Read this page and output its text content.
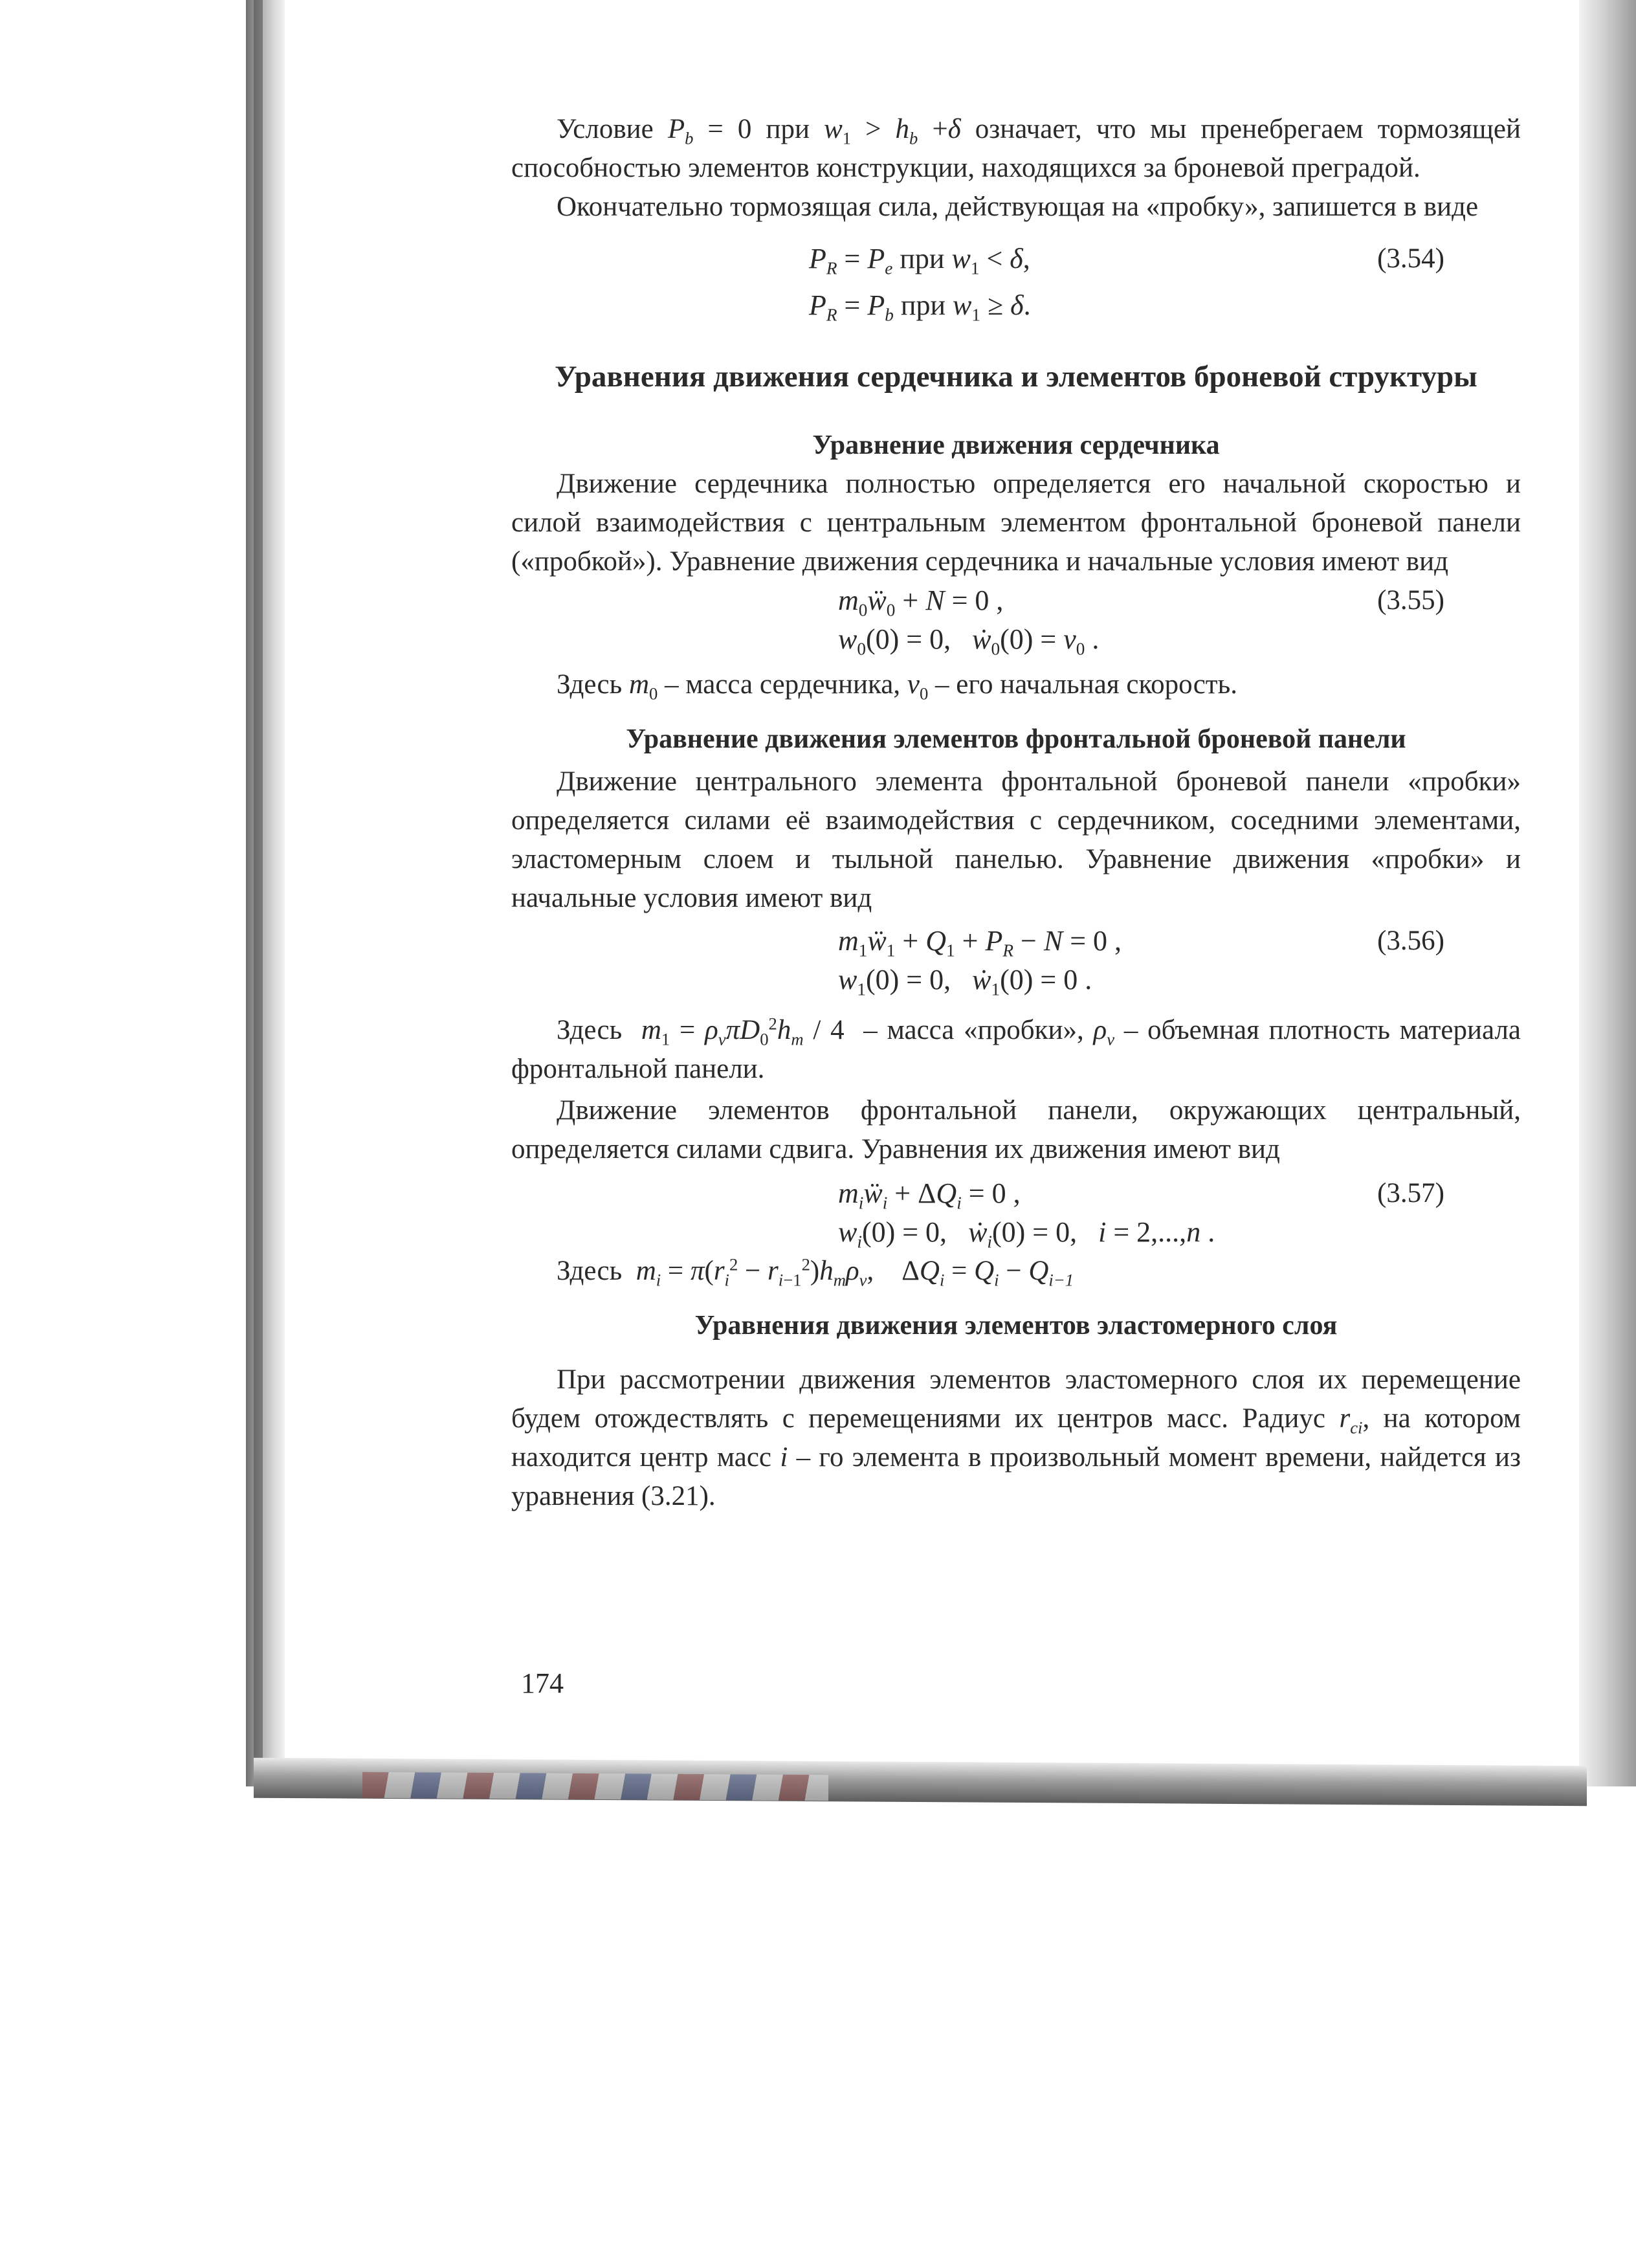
Условие $P_b = 0$ при $w_1 > h_b +\delta$ означает, что мы пренебрегаем тормозящей способностью элементов конструкции, находящихся за броневой преградой.

Окончательно тормозящая сила, действующая на «пробку», запишется в виде

$P_R = P_e$ при $w_1 < \delta$,	(3.54)
$P_R = P_b$ при $w_1 \ge \delta$.
Уравнения движения сердечника и элементов броневой структуры
Уравнение движения сердечника

Движение сердечника полностью определяется его начальной скоростью и силой взаимодействия с центральным элементом фронтальной броневой панели («пробкой»). Уравнение движения сердечника и начальные условия имеют вид

$m_0ẅ_0 + N = 0$ ,	(3.55)
$w_0(0) = 0$,   ẇ$_0$(0) = $v_0$ .

Здесь $m_0$ – масса сердечника, $v_0$ – его начальная скорость.

Уравнение движения элементов фронтальной броневой панели

Движение центрального элемента фронтальной броневой панели «пробки» определяется силами её взаимодействия с сердечником, соседними элементами, эластомерным слоем и тыльной панелью. Уравнение движения «пробки» и начальные условия имеют вид

$m_1ẅ_1 + Q_1 + P_R - N = 0$ ,	(3.56)
$w_1(0) = 0$,   ẇ$_1$(0) = 0 .

Здесь $m_1 = \rho_v\pi D_0^2h_m / 4$  – масса «пробки», $\rho_v$ – объемная плотность материала фронтальной панели.

Движение элементов фронтальной панели, окружающих центральный, определяется силами сдвига. Уравнения их движения имеют вид

$m_iẅ_i + \Delta Q_i = 0$ ,	(3.57)
$w_i(0) = 0$,   ẇ$_i$(0) = 0,   i = 2,...,n .
Здесь $m_i = \pi(r_i^2 - r_{i-1}^2)h_m\rho_v$,    $\Delta Q_i = Q_i - Q_{i-1}$
Уравнения движения элементов эластомерного слоя

При рассмотрении движения элементов эластомерного слоя их перемещение будем отождествлять с перемещениями их центров масс. Радиус $r_{ci}$, на котором находится центр масс i – го элемента в произвольный момент времени, найдется из уравнения (3.21).

174
